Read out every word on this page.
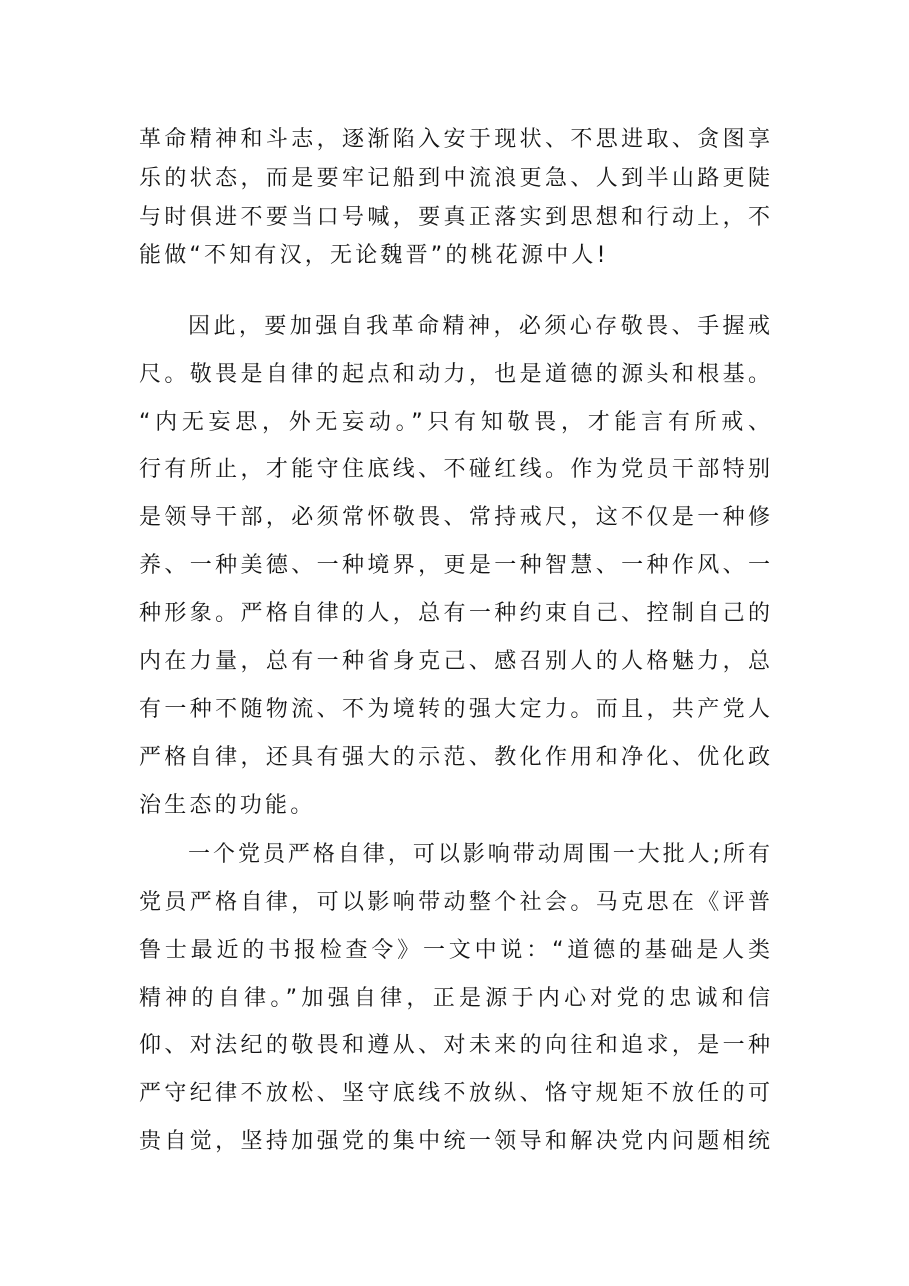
革命精神和斗志，逐渐陷入安于现状、不思进取、贪图享
乐的状态，而是要牢记船到中流浪更急、人到半山路更陡
与时俱进不要当口号喊，要真正落实到思想和行动上，不
能做“不知有汉，无论魏晋”的桃花源中人!
因此，要加强自我革命精神，必须心存敬畏、手握戒
尺。敬畏是自律的起点和动力，也是道德的源头和根基。
“内无妄思，外无妄动。”只有知敬畏，才能言有所戒、
行有所止，才能守住底线、不碰红线。作为党员干部特别
是领导干部，必须常怀敬畏、常持戒尺，这不仅是一种修
养、一种美德、一种境界，更是一种智慧、一种作风、一
种形象。严格自律的人，总有一种约束自己、控制自己的
内在力量，总有一种省身克己、感召别人的人格魅力，总
有一种不随物流、不为境转的强大定力。而且，共产党人
严格自律，还具有强大的示范、教化作用和净化、优化政
治生态的功能。
一个党员严格自律，可以影响带动周围一大批人;所有
党员严格自律，可以影响带动整个社会。马克思在《评普
鲁士最近的书报检查令》一文中说：“道德的基础是人类
精神的自律。”加强自律，正是源于内心对党的忠诚和信
仰、对法纪的敬畏和遵从、对未来的向往和追求，是一种
严守纪律不放松、坚守底线不放纵、恪守规矩不放任的可
贵自觉，坚持加强党的集中统一领导和解决党内问题相统
